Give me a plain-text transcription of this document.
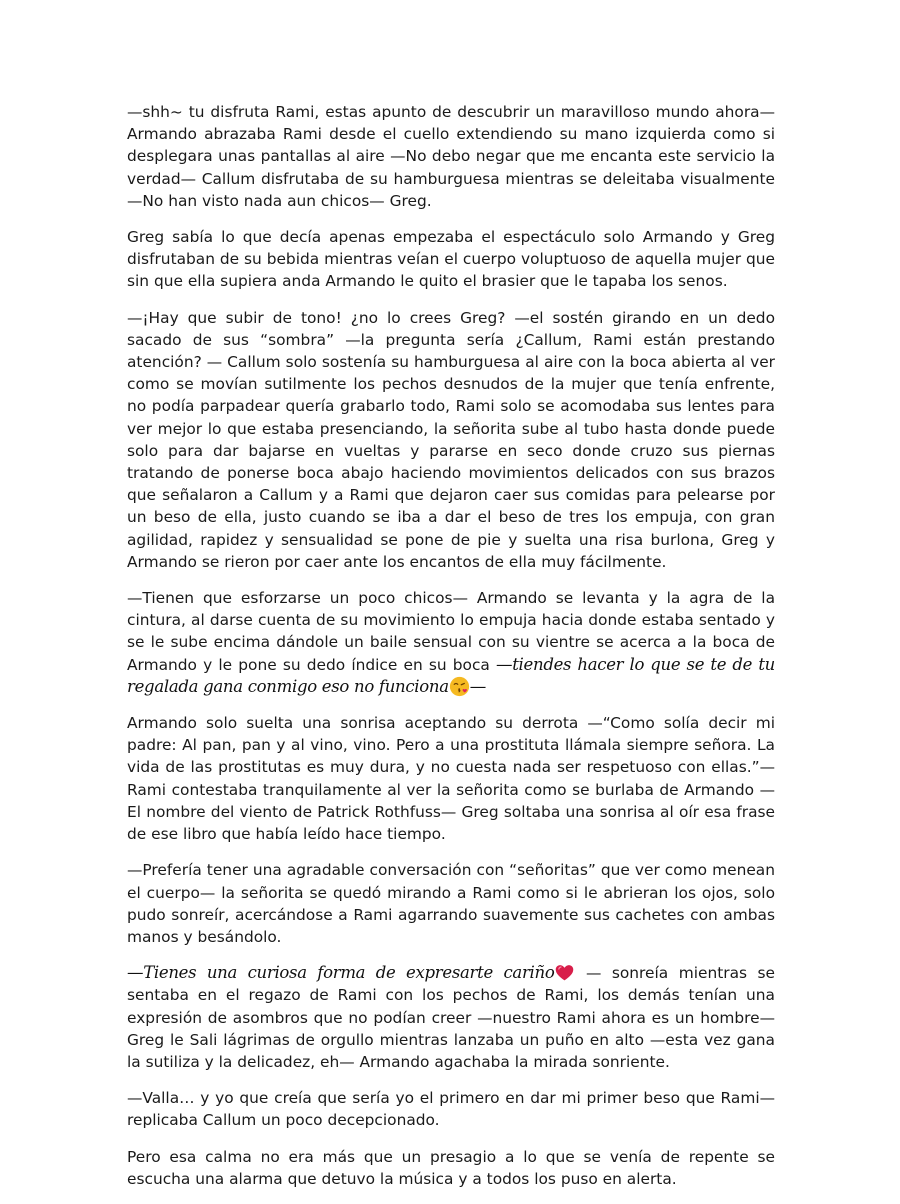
—shh~ tu disfruta Rami, estas apunto de descubrir un maravilloso mundo ahora— Armando abrazaba Rami desde el cuello extendiendo su mano izquierda como si desplegara unas pantallas al aire —No debo negar que me encanta este servicio la verdad— Callum disfrutaba de su hamburguesa mientras se deleitaba visualmente —No han visto nada aun chicos— Greg.

Greg sabía lo que decía apenas empezaba el espectáculo solo Armando y Greg disfrutaban de su bebida mientras veían el cuerpo voluptuoso de aquella mujer que sin que ella supiera anda Armando le quito el brasier que le tapaba los senos.

—¡Hay que subir de tono! ¿no lo crees Greg? —el sostén girando en un dedo sacado de sus “sombra” —la pregunta sería ¿Callum, Rami están prestando atención? — Callum solo sostenía su hamburguesa al aire con la boca abierta al ver como se movían sutilmente los pechos desnudos de la mujer que tenía enfrente, no podía parpadear quería grabarlo todo, Rami solo se acomodaba sus lentes para ver mejor lo que estaba presenciando, la señorita sube al tubo hasta donde puede solo para dar bajarse en vueltas y pararse en seco donde cruzo sus piernas tratando de ponerse boca abajo haciendo movimientos delicados con sus brazos que señalaron a Callum y a Rami que dejaron caer sus comidas para pelearse por un beso de ella, justo cuando se iba a dar el beso de tres los empuja, con gran agilidad, rapidez y sensualidad se pone de pie y suelta una risa burlona, Greg y Armando se rieron por caer ante los encantos de ella muy fácilmente.

—Tienen que esforzarse un poco chicos— Armando se levanta y la agra de la cintura, al darse cuenta de su movimiento lo empuja hacia donde estaba sentado y se le sube encima dándole un baile sensual con su vientre se acerca a la boca de Armando y le pone su dedo índice en su boca —tiendes hacer lo que se te de tu regalada gana conmigo eso no funciona —

Armando solo suelta una sonrisa aceptando su derrota —“Como solía decir mi padre: Al pan, pan y al vino, vino. Pero a una prostituta llámala siempre señora. La vida de las prostitutas es muy dura, y no cuesta nada ser respetuoso con ellas.”— Rami contestaba tranquilamente al ver la señorita como se burlaba de Armando —El nombre del viento de Patrick Rothfuss— Greg soltaba una sonrisa al oír esa frase de ese libro que había leído hace tiempo.

—Prefería tener una agradable conversación con “señoritas” que ver como menean el cuerpo— la señorita se quedó mirando a Rami como si le abrieran los ojos, solo pudo sonreír, acercándose a Rami agarrando suavemente sus cachetes con ambas manos y besándolo.

—Tienes una curiosa forma de expresarte cariño
— sonreía mientras se sentaba en el regazo de Rami con los pechos de Rami, los demás tenían una expresión de asombros que no podían creer —nuestro Rami ahora es un hombre— Greg le Sali lágrimas de orgullo mientras lanzaba un puño en alto —esta vez gana la sutiliza y la delicadez, eh— Armando agachaba la mirada sonriente.

—Valla… y yo que creía que sería yo el primero en dar mi primer beso que Rami— replicaba Callum un poco decepcionado.

Pero esa calma no era más que un presagio a lo que se venía de repente se escucha una alarma que detuvo la música y a todos los puso en alerta.
